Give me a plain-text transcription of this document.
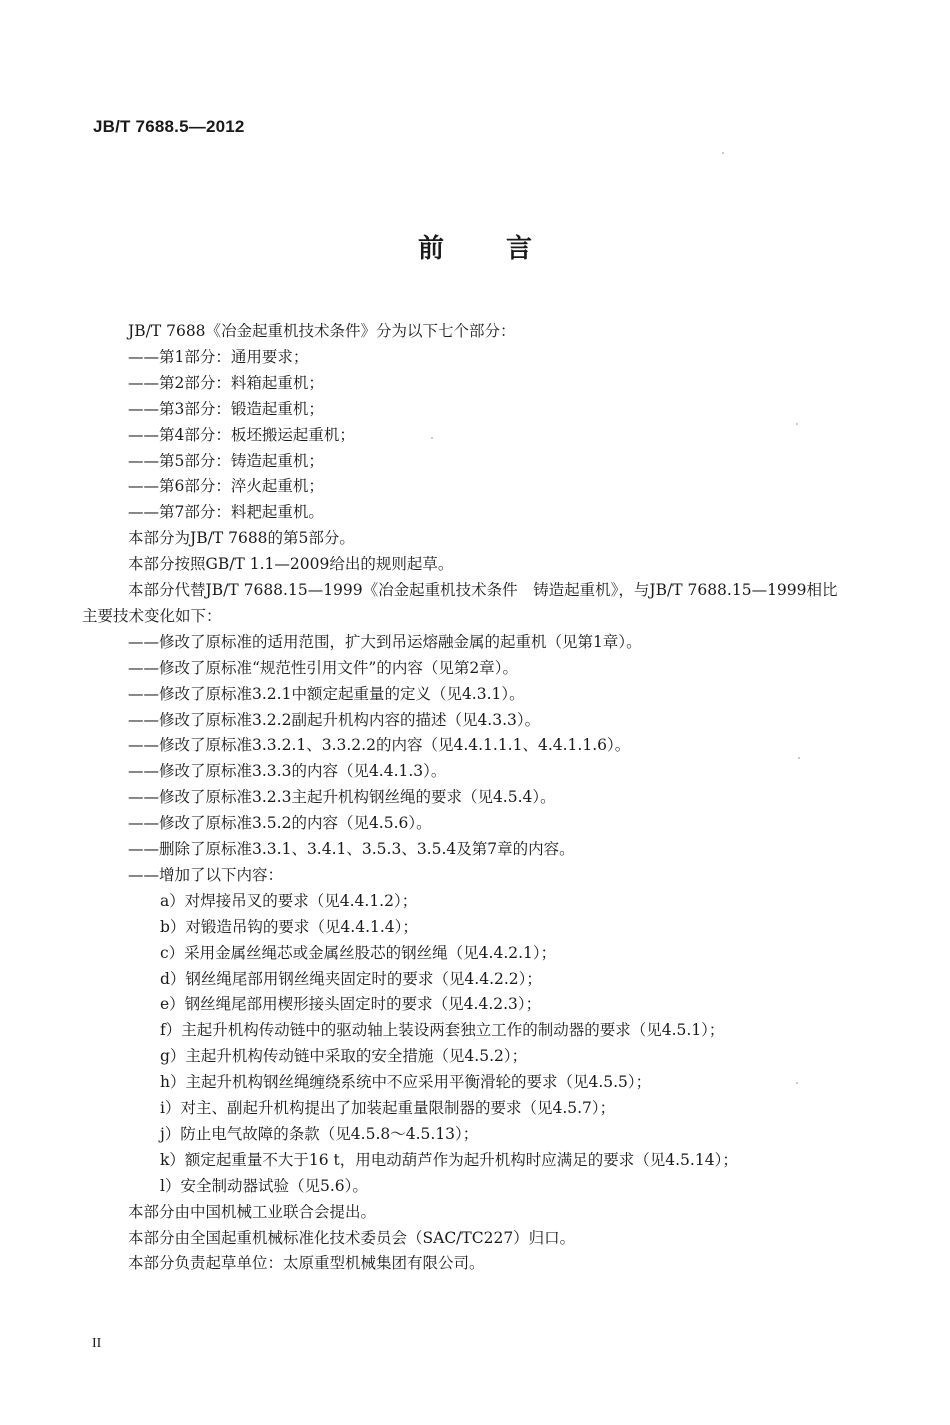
JB/T 7688.5—2012
前 言
JB/T 7688《冶金起重机技术条件》分为以下七个部分：
——第1部分：通用要求；
——第2部分：料箱起重机；
——第3部分：锻造起重机；
——第4部分：板坯搬运起重机；
——第5部分：铸造起重机；
——第6部分：淬火起重机；
——第7部分：料耙起重机。
本部分为JB/T 7688的第5部分。
本部分按照GB/T 1.1—2009给出的规则起草。
本部分代替JB/T 7688.15—1999《冶金起重机技术条件　铸造起重机》，与JB/T 7688.15—1999相比
主要技术变化如下：
——修改了原标准的适用范围，扩大到吊运熔融金属的起重机（见第1章）。
——修改了原标准“规范性引用文件”的内容（见第2章）。
——修改了原标准3.2.1中额定起重量的定义（见4.3.1）。
——修改了原标准3.2.2副起升机构内容的描述（见4.3.3）。
——修改了原标准3.3.2.1、3.3.2.2的内容（见4.4.1.1.1、4.4.1.1.6）。
——修改了原标准3.3.3的内容（见4.4.1.3）。
——修改了原标准3.2.3主起升机构钢丝绳的要求（见4.5.4）。
——修改了原标准3.5.2的内容（见4.5.6）。
——删除了原标准3.3.1、3.4.1、3.5.3、3.5.4及第7章的内容。
——增加了以下内容：
a）对焊接吊叉的要求（见4.4.1.2）；
b）对锻造吊钩的要求（见4.4.1.4）；
c）采用金属丝绳芯或金属丝股芯的钢丝绳（见4.4.2.1）；
d）钢丝绳尾部用钢丝绳夹固定时的要求（见4.4.2.2）；
e）钢丝绳尾部用楔形接头固定时的要求（见4.4.2.3）；
f）主起升机构传动链中的驱动轴上装设两套独立工作的制动器的要求（见4.5.1）；
g）主起升机构传动链中采取的安全措施（见4.5.2）；
h）主起升机构钢丝绳缠绕系统中不应采用平衡滑轮的要求（见4.5.5）；
i）对主、副起升机构提出了加装起重量限制器的要求（见4.5.7）；
j）防止电气故障的条款（见4.5.8～4.5.13）；
k）额定起重量不大于16 t，用电动葫芦作为起升机构时应满足的要求（见4.5.14）；
l）安全制动器试验（见5.6）。
本部分由中国机械工业联合会提出。
本部分由全国起重机械标准化技术委员会（SAC/TC227）归口。
本部分负责起草单位：太原重型机械集团有限公司。
II
